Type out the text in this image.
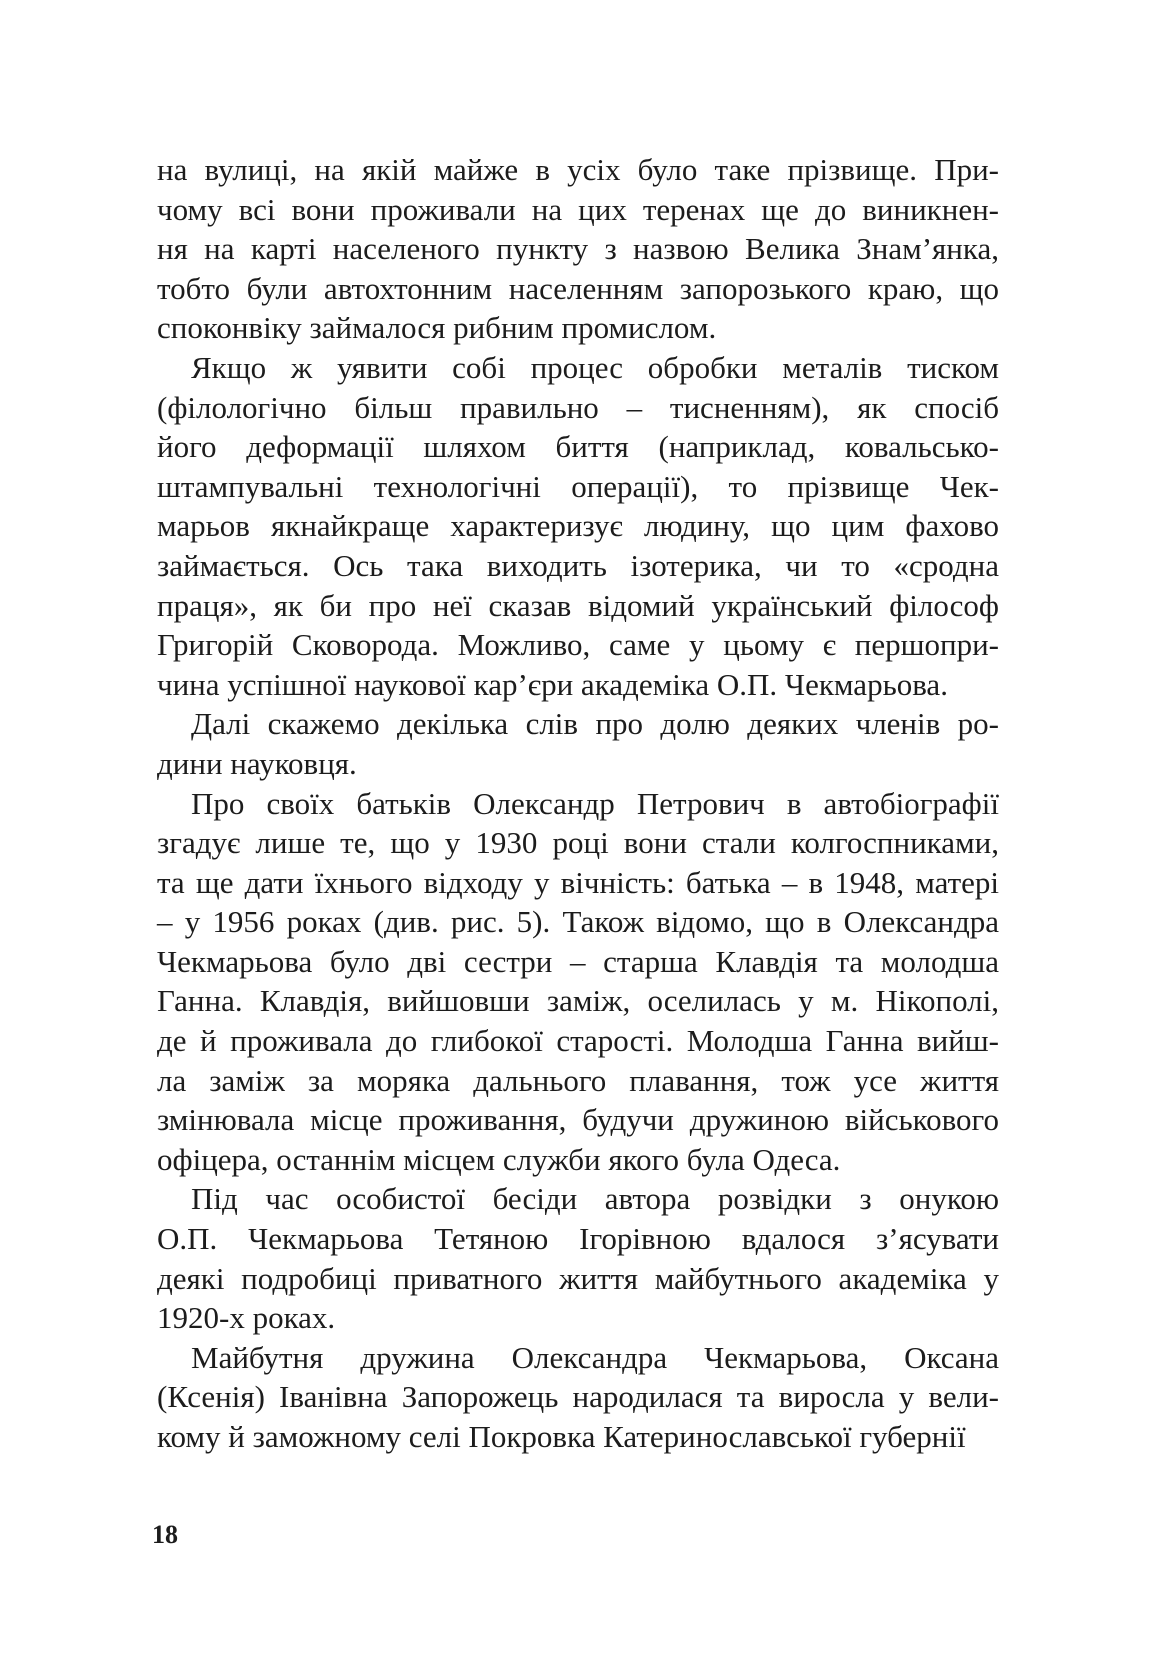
на вулиці, на якій майже в усіх було таке прізвище. При-
чому всі вони проживали на цих теренах ще до виникнен-
ня на карті населеного пункту з назвою Велика Знам’янка,
тобто були автохтонним населенням запорозького краю, що
споконвіку займалося рибним промислом.
Якщо ж уявити собі процес обробки металів тиском
(філологічно більш правильно – тисненням), як спосіб
його деформації шляхом биття (наприклад, ковальсько-
штампувальні технологічні операції), то прізвище Чек-
марьов якнайкраще характеризує людину, що цим фахово
займається. Ось така виходить ізотерика, чи то «сродна
праця», як би про неї сказав відомий український філософ
Григорій Сковорода. Можливо, саме у цьому є першопри-
чина успішної наукової кар’єри академіка О.П. Чекмарьова.
Далі скажемо декілька слів про долю деяких членів ро-
дини науковця.
Про своїх батьків Олександр Петрович в автобіографії
згадує лише те, що у 1930 році вони стали колгоспниками,
та ще дати їхнього відходу у вічність: батька – в 1948, матері
– у 1956 роках (див. рис. 5). Також відомо, що в Олександра
Чекмарьова було дві сестри – старша Клавдія та молодша
Ганна. Клавдія, вийшовши заміж, оселилась у м. Нікополі,
де й проживала до глибокої старості. Молодша Ганна вийш-
ла заміж за моряка дальнього плавання, тож усе життя
змінювала місце проживання, будучи дружиною військового
офіцера, останнім місцем служби якого була Одеса.
Під час особистої бесіди автора розвідки з онукою
О.П. Чекмарьова Тетяною Ігорівною вдалося з’ясувати
деякі подробиці приватного життя майбутнього академіка у
1920-х роках.
Майбутня дружина Олександра Чекмарьова, Оксана
(Ксенія) Іванівна Запорожець народилася та виросла у вели-
кому й заможному селі Покровка Катеринославської губернії
18
